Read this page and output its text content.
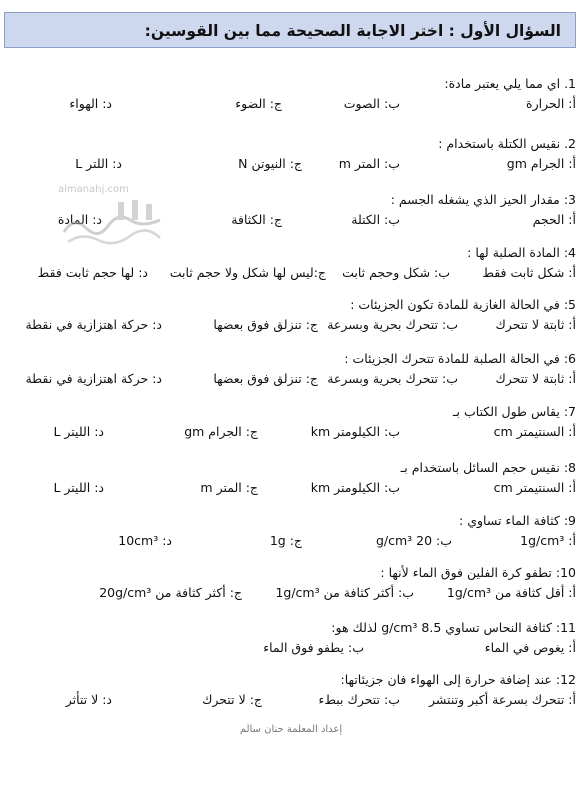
السؤال الأول : اختر الاجابة الصحيحة مما بين القوسين:
1. اي مما يلي يعتبر مادة:
أ: الحرارة
ب: الصوت
ج: الضوء
د: الهواء
2. نقيس الكتلة باستخدام :
أ: الجرام gm
ب: المتر m
ج: النيوتن N
د: اللتر L
3: مقدار الحيز الذي يشغله الجسم :
أ: الحجم
ب: الكتلة
ج: الكثافة
د: المادة
4: المادة الصلبة لها :
أ: شكل ثابت فقط
ب: شكل وحجم ثابت
ج:ليس لها شكل ولا حجم ثابت
د: لها حجم ثابت فقط
5: في الحالة الغازية للمادة تكون الجزيئات :
أ: ثابتة لا تتحرك
ب: تتحرك بحرية وبسرعة
ج: تنزلق فوق بعضها
د: حركة اهتزازية في نقطة
6: في الحالة الصلبة للمادة تتحرك الجزيئات :
أ: ثابتة لا تتحرك
ب: تتحرك بحرية وبسرعة
ج: تنزلق فوق بعضها
د: حركة اهتزازية في نقطة
7: يقاس طول الكتاب بـ
أ: السنتيمتر cm
ب: الكيلومتر km
ج: الجرام gm
د: الليتر L
8: نقيس حجم السائل باستخدام بـ
أ: السنتيمتر cm
ب: الكيلومتر km
ج: المتر m
د: الليتر L
9: كثافة الماء تساوي :
أ: 1g/cm³
ب: 20 g/cm³
ج: 1g
د: 10cm³
10: تطفو كرة الفلين فوق الماء لأنها :
أ: أقل كثافة من 1g/cm³
ب: أكثر كثافة من 1g/cm³
ج: أكثر كثافة من 20g/cm³
11: كثافة النحاس تساوي 8.5 g/cm³ لذلك هو:
أ: يغوص في الماء
ب: يطفو فوق الماء
12: عند إضافة حرارة إلى الهواء فان جزيئاتها:
أ: تتحرك بسرعة أكبر وتنتشر
ب: تتحرك ببطء
ج: لا تتحرك
د: لا تتأثر
almanahj.com
إعداد المعلمة حنان سالم
